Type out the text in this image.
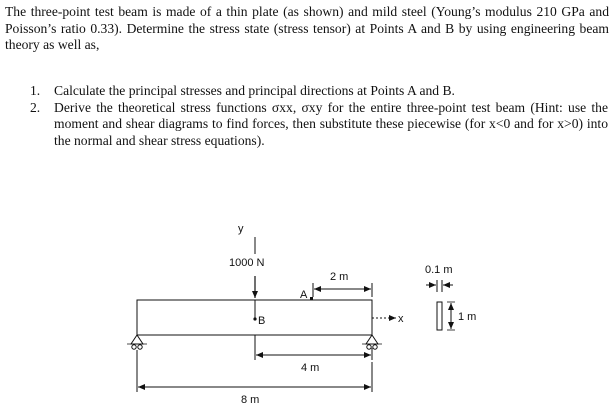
The three-point test beam is made of a thin plate (as shown) and mild steel (Young’s modulus 210 GPa and Poisson’s ratio 0.33). Determine the stress state (stress tensor) at Points A and B by using engineering beam theory as well as,
1. Calculate the principal stresses and principal directions at Points A and B.
2. Derive the theoretical stress functions σxx, σxy for the entire three-point test beam (Hint: use the moment and shear diagrams to find forces, then substitute these piecewise (for x<0 and for x>0) into the normal and shear stress equations).
y
1000 N
A
2 m
B	x
4 m
8 m
0.1 m
1 m
